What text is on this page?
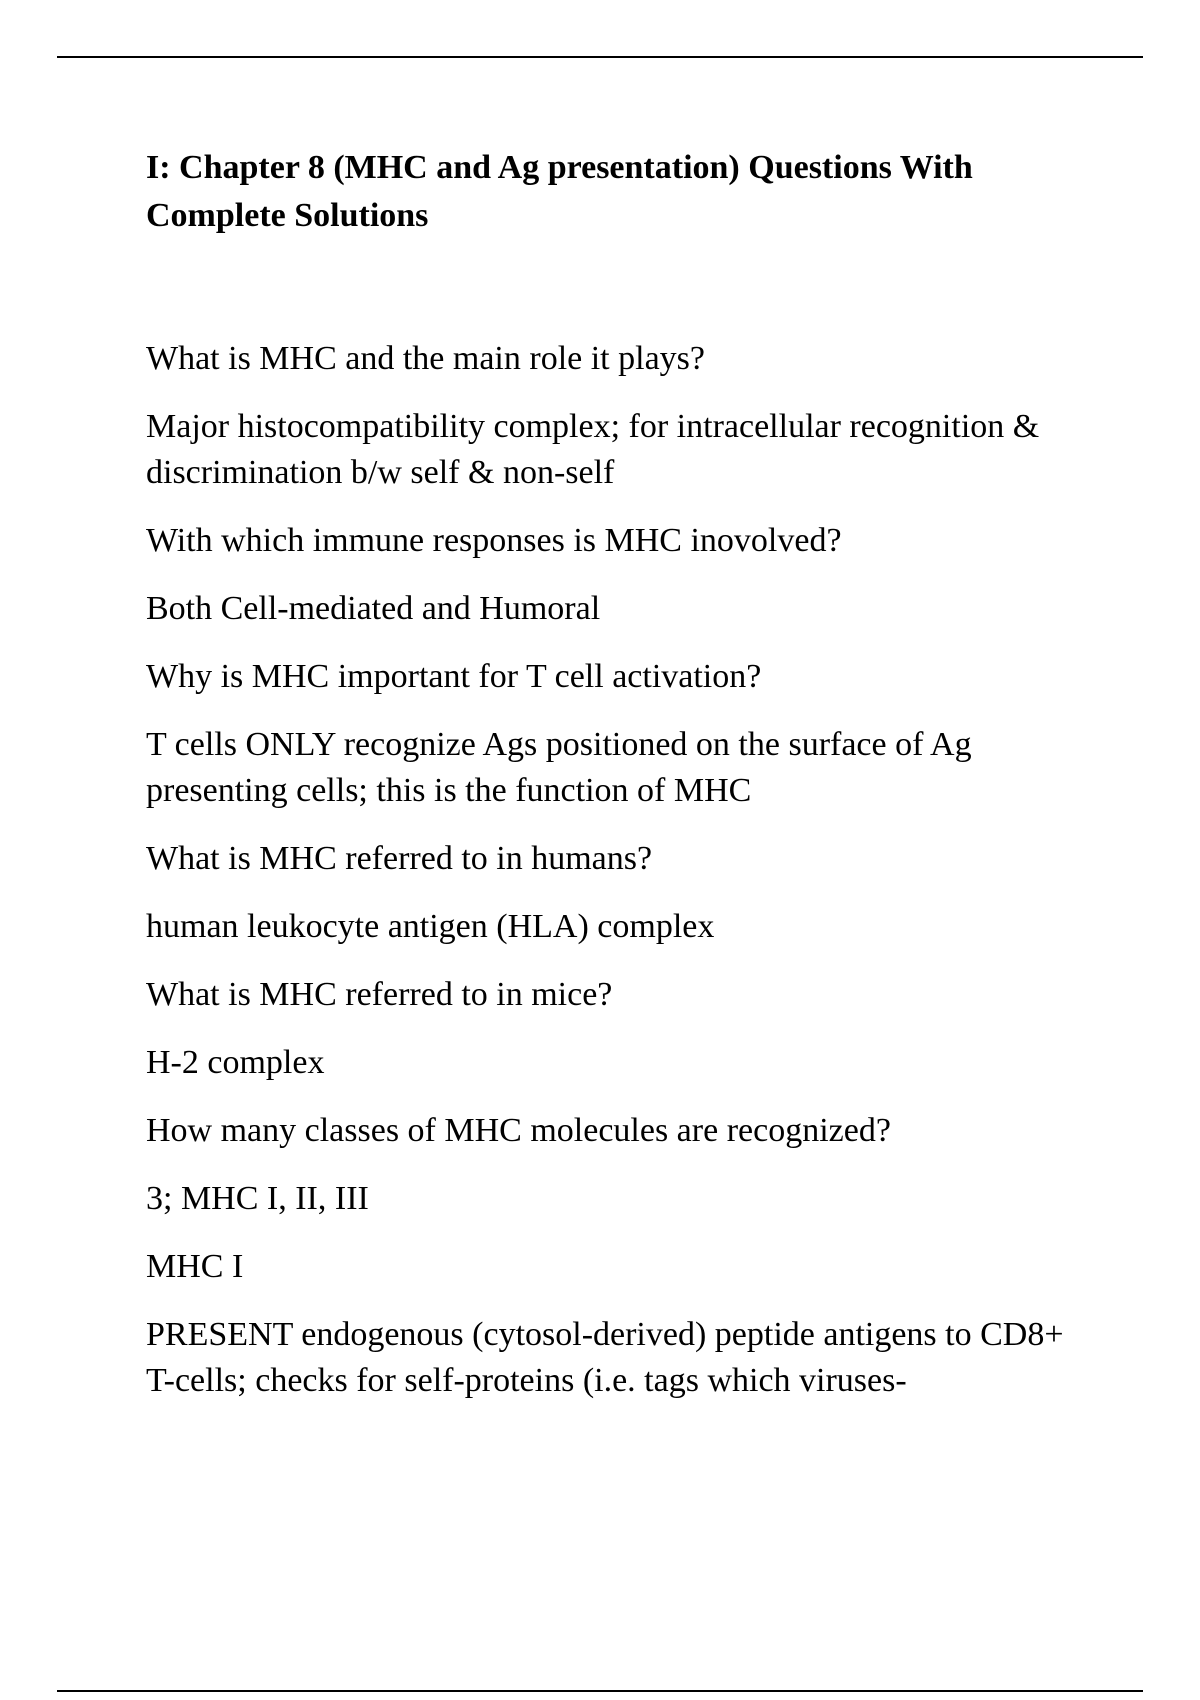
I: Chapter 8 (MHC and Ag presentation) Questions With Complete Solutions

What is MHC and the main role it plays?

Major histocompatibility complex; for intracellular recognition & discrimination b/w self & non-self

With which immune responses is MHC inovolved?

Both Cell-mediated and Humoral

Why is MHC important for T cell activation?

T cells ONLY recognize Ags positioned on the surface of Ag presenting cells; this is the function of MHC

What is MHC referred to in humans?

human leukocyte antigen (HLA) complex

What is MHC referred to in mice?

H-2 complex

How many classes of MHC molecules are recognized?

3; MHC I, II, III

MHC I

PRESENT endogenous (cytosol-derived) peptide antigens to CD8+ T-cells; checks for self-proteins (i.e. tags which viruses-
